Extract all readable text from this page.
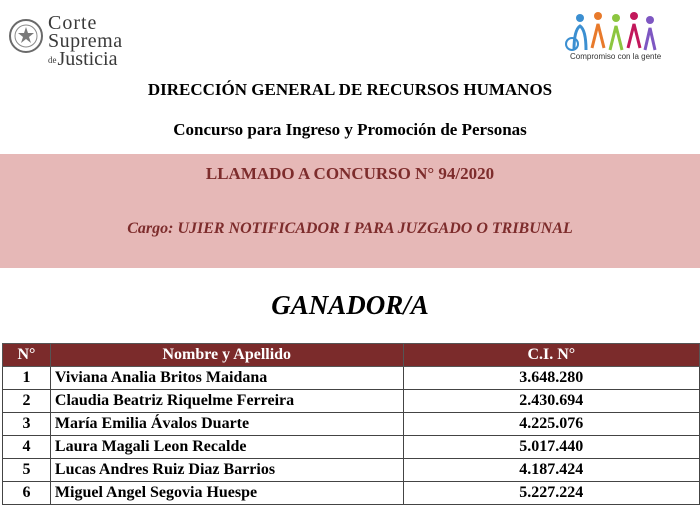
Corte
Suprema
deJusticia	Compromiso con la gente
DIRECCIÓN GENERAL DE RECURSOS HUMANOS
Concurso para Ingreso y Promoción de Personas
LLAMADO A CONCURSO N° 94/2020
Cargo: UJIER NOTIFICADOR I PARA JUZGADO O TRIBUNAL
GANADOR/A
N°	Nombre y Apellido	C.I. N°
1	Viviana Analia Britos Maidana	3.648.280
2	Claudia Beatriz Riquelme Ferreira	2.430.694
3	María Emilia Ávalos Duarte	4.225.076
4	Laura Magali Leon Recalde	5.017.440
5	Lucas Andres Ruiz Diaz Barrios	4.187.424
6	Miguel Angel Segovia Huespe	5.227.224
